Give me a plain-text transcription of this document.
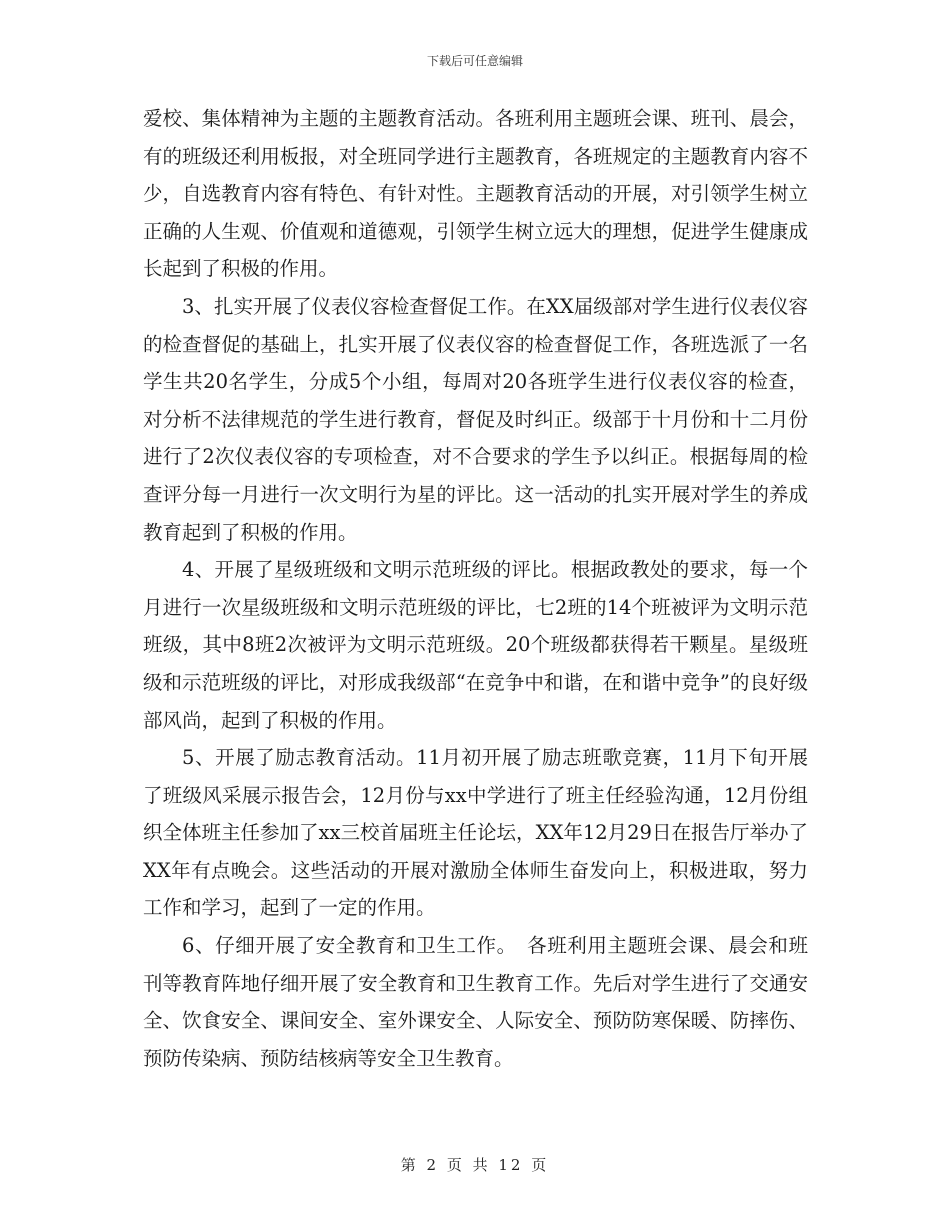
下载后可任意编辑

爱校、集体精神为主题的主题教育活动。各班利用主题班会课、班刊、晨会，有的班级还利用板报，对全班同学进行主题教育，各班规定的主题教育内容不少，自选教育内容有特色、有针对性。主题教育活动的开展，对引领学生树立正确的人生观、价值观和道德观，引领学生树立远大的理想，促进学生健康成长起到了积极的作用。

3、扎实开展了仪表仪容检查督促工作。在XX届级部对学生进行仪表仪容的检查督促的基础上，扎实开展了仪表仪容的检查督促工作，各班选派了一名学生共20名学生，分成5个小组，每周对20各班学生进行仪表仪容的检查，对分析不法律规范的学生进行教育，督促及时纠正。级部于十月份和十二月份进行了2次仪表仪容的专项检查，对不合要求的学生予以纠正。根据每周的检查评分每一月进行一次文明行为星的评比。这一活动的扎实开展对学生的养成教育起到了积极的作用。

4、开展了星级班级和文明示范班级的评比。根据政教处的要求，每一个月进行一次星级班级和文明示范班级的评比，七2班的14个班被评为文明示范班级，其中8班2次被评为文明示范班级。20个班级都获得若干颗星。星级班级和示范班级的评比，对形成我级部“在竞争中和谐，在和谐中竞争”的良好级部风尚，起到了积极的作用。

5、开展了励志教育活动。11月初开展了励志班歌竞赛，11月下旬开展了班级风采展示报告会，12月份与xx中学进行了班主任经验沟通，12月份组织全体班主任参加了xx三校首届班主任论坛，XX年12月29日在报告厅举办了XX年有点晚会。这些活动的开展对激励全体师生奋发向上，积极进取，努力工作和学习，起到了一定的作用。

6、仔细开展了安全教育和卫生工作。　各班利用主题班会课、晨会和班刊等教育阵地仔细开展了安全教育和卫生教育工作。先后对学生进行了交通安全、饮食安全、课间安全、室外课安全、人际安全、预防防寒保暖、防摔伤、预防传染病、预防结核病等安全卫生教育。

第 2 页 共 12 页
